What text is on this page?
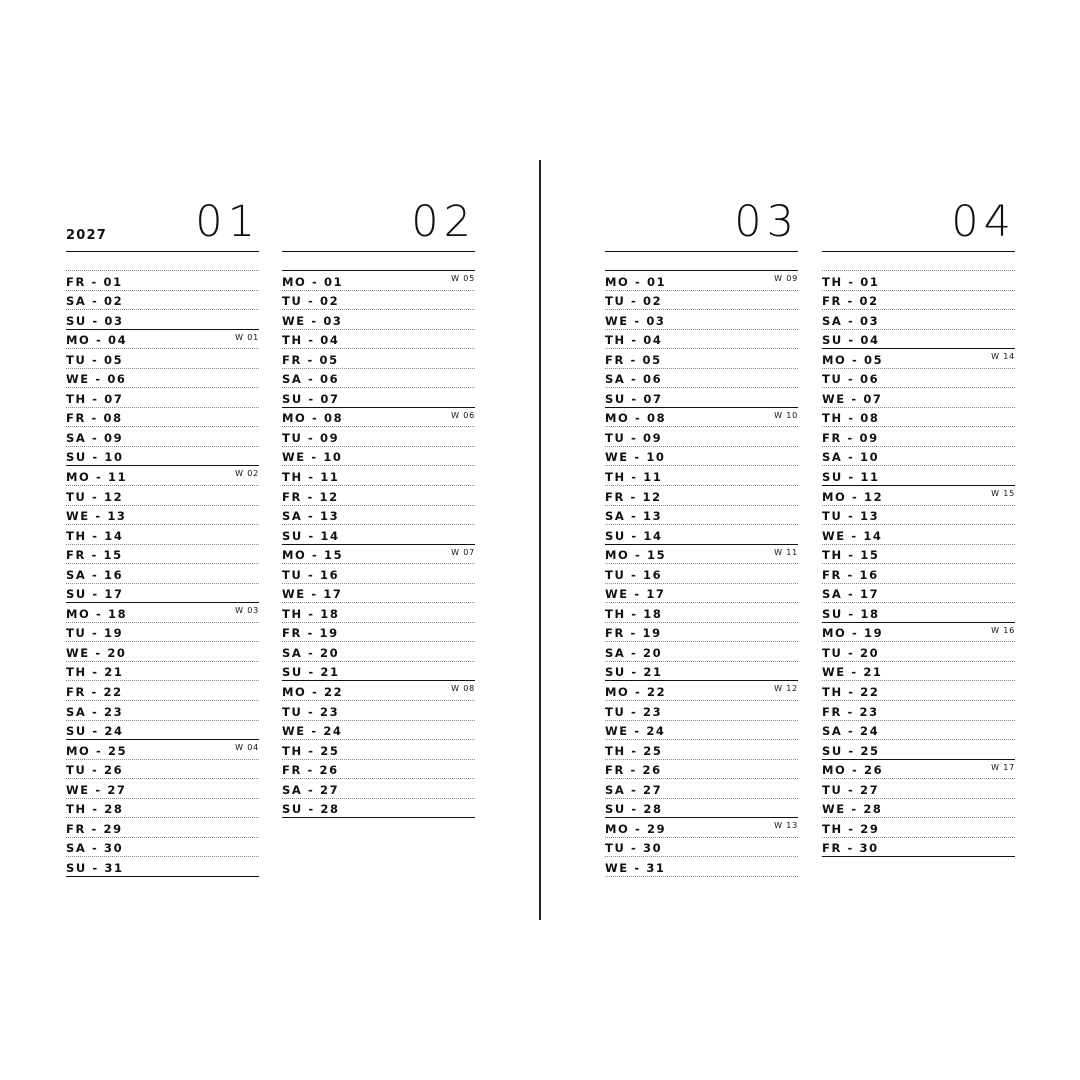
2027 01
FR - 01
SA - 02
SU - 03
MO - 04	W 01
TU - 05
WE - 06
TH - 07
FR - 08
SA - 09
SU - 10
MO - 11	W 02
TU - 12
WE - 13
TH - 14
FR - 15
SA - 16
SU - 17
MO - 18	W 03
TU - 19
WE - 20
TH - 21
FR - 22
SA - 23
SU - 24
MO - 25	W 04
TU - 26
WE - 27
TH - 28
FR - 29
SA - 30
SU - 31
02
MO - 01	W 05
TU - 02
WE - 03
TH - 04
FR - 05
SA - 06
SU - 07
MO - 08	W 06
TU - 09
WE - 10
TH - 11
FR - 12
SA - 13
SU - 14
MO - 15	W 07
TU - 16
WE - 17
TH - 18
FR - 19
SA - 20
SU - 21
MO - 22	W 08
TU - 23
WE - 24
TH - 25
FR - 26
SA - 27
SU - 28
03
MO - 01	W 09
TU - 02
WE - 03
TH - 04
FR - 05
SA - 06
SU - 07
MO - 08	W 10
TU - 09
WE - 10
TH - 11
FR - 12
SA - 13
SU - 14
MO - 15	W 11
TU - 16
WE - 17
TH - 18
FR - 19
SA - 20
SU - 21
MO - 22	W 12
TU - 23
WE - 24
TH - 25
FR - 26
SA - 27
SU - 28
MO - 29	W 13
TU - 30
WE - 31
04
TH - 01
FR - 02
SA - 03
SU - 04
MO - 05	W 14
TU - 06
WE - 07
TH - 08
FR - 09
SA - 10
SU - 11
MO - 12	W 15
TU - 13
WE - 14
TH - 15
FR - 16
SA - 17
SU - 18
MO - 19	W 16
TU - 20
WE - 21
TH - 22
FR - 23
SA - 24
SU - 25
MO - 26	W 17
TU - 27
WE - 28
TH - 29
FR - 30
